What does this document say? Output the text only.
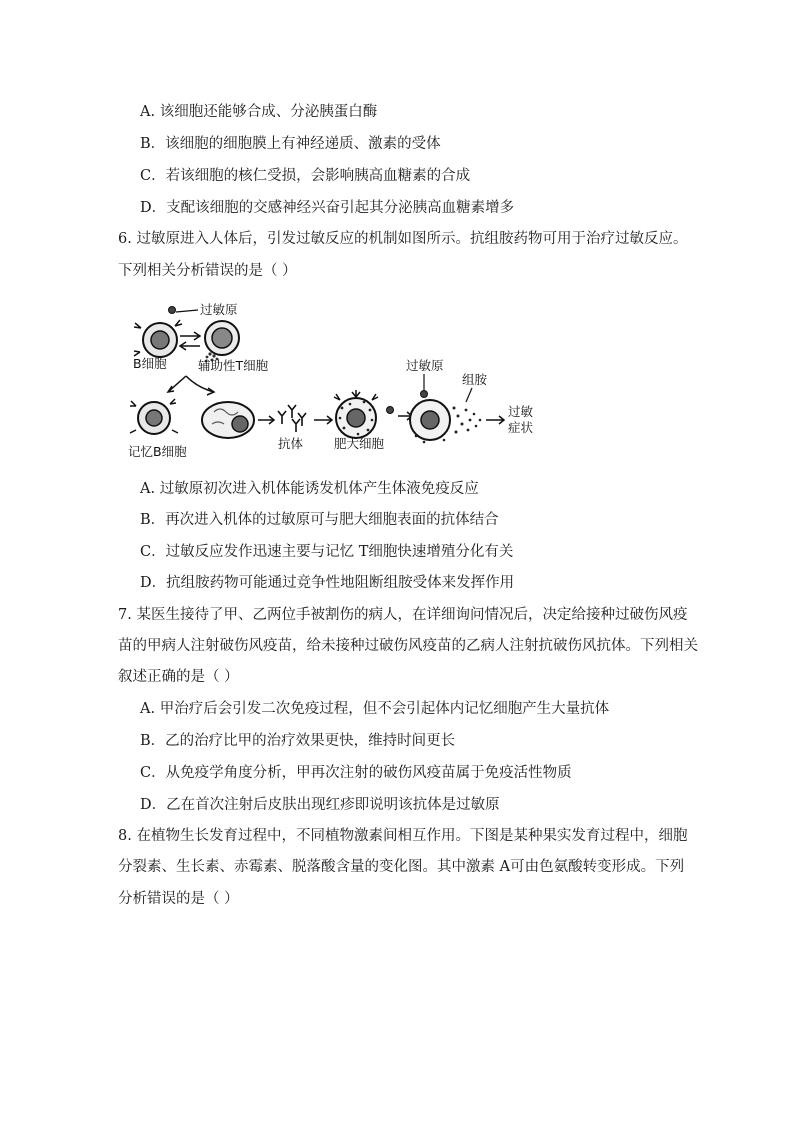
A. 该细胞还能够合成、分泌胰蛋白酶
B．该细胞的细胞膜上有神经递质、激素的受体
C．若该细胞的核仁受损，会影响胰高血糖素的合成
D．支配该细胞的交感神经兴奋引起其分泌胰高血糖素增多
6. 过敏原进入人体后，引发过敏反应的机制如图所示。抗组胺药物可用于治疗过敏反应。
下列相关分析错误的是（ ）
过敏原
B细胞	辅助性T细胞
记忆B细胞
抗体 肥大细胞
过敏原
组胺
过敏
症状
A. 过敏原初次进入机体能诱发机体产生体液免疫反应
B．再次进入机体的过敏原可与肥大细胞表面的抗体结合
C．过敏反应发作迅速主要与记忆 T细胞快速增殖分化有关
D．抗组胺药物可能通过竞争性地阻断组胺受体来发挥作用
7. 某医生接待了甲、乙两位手被割伤的病人，在详细询问情况后，决定给接种过破伤风疫
苗的甲病人注射破伤风疫苗，给未接种过破伤风疫苗的乙病人注射抗破伤风抗体。下列相关
叙述正确的是（ ）
A. 甲治疗后会引发二次免疫过程，但不会引起体内记忆细胞产生大量抗体
B．乙的治疗比甲的治疗效果更快，维持时间更长
C．从免疫学角度分析，甲再次注射的破伤风疫苗属于免疫活性物质
D．乙在首次注射后皮肤出现红疹即说明该抗体是过敏原
8. 在植物生长发育过程中，不同植物激素间相互作用。下图是某种果实发育过程中，细胞
分裂素、生长素、赤霉素、脱落酸含量的变化图。其中激素 A可由色氨酸转变形成。下列
分析错误的是（ ）
